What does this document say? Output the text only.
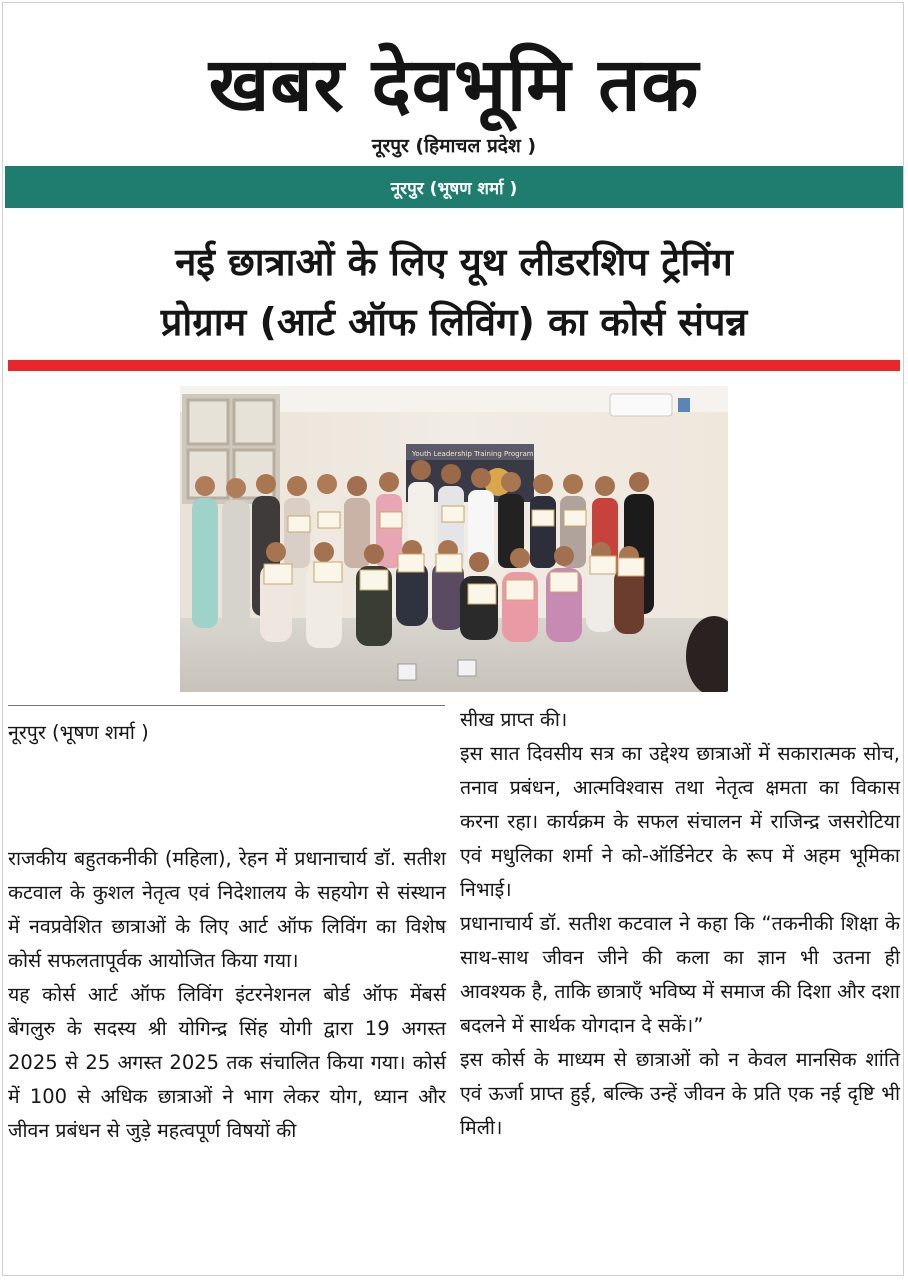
खबर देवभूमि तक
नूरपुर (हिमाचल प्रदेश )
नूरपुर (भूषण शर्मा )
नई छात्राओं के लिए यूथ लीडरशिप ट्रेनिंग
प्रोग्राम (आर्ट ऑफ लिविंग) का कोर्स संपन्न
Youth Leadership Training Program

नूरपुर (भूषण शर्मा )

राजकीय बहुतकनीकी (महिला), रेहन में प्रधानाचार्य डॉ. सतीश कटवाल के कुशल नेतृत्व एवं निदेशालय के सहयोग से संस्थान में नवप्रवेशित छात्राओं के लिए आर्ट ऑफ लिविंग का विशेष कोर्स सफलतापूर्वक आयोजित किया गया।

यह कोर्स आर्ट ऑफ लिविंग इंटरनेशनल बोर्ड ऑफ मेंबर्स बेंगलुरु के सदस्य श्री योगिन्द्र सिंह योगी द्वारा 19 अगस्त 2025 से 25 अगस्त 2025 तक संचालित किया गया। कोर्स में 100 से अधिक छात्राओं ने भाग लेकर योग, ध्यान और जीवन प्रबंधन से जुड़े महत्वपूर्ण विषयों की

सीख प्राप्त की।

इस सात दिवसीय सत्र का उद्देश्य छात्राओं में सकारात्मक सोच, तनाव प्रबंधन, आत्मविश्वास तथा नेतृत्व क्षमता का विकास करना रहा। कार्यक्रम के सफल संचालन में राजिन्द्र जसरोटिया एवं मधुलिका शर्मा ने को-ऑर्डिनेटर के रूप में अहम भूमिका निभाई।

प्रधानाचार्य डॉ. सतीश कटवाल ने कहा कि “तकनीकी शिक्षा के साथ-साथ जीवन जीने की कला का ज्ञान भी उतना ही आवश्यक है, ताकि छात्राएँ भविष्य में समाज की दिशा और दशा बदलने में सार्थक योगदान दे सकें।”

इस कोर्स के माध्यम से छात्राओं को न केवल मानसिक शांति एवं ऊर्जा प्राप्त हुई, बल्कि उन्हें जीवन के प्रति एक नई दृष्टि भी मिली।
